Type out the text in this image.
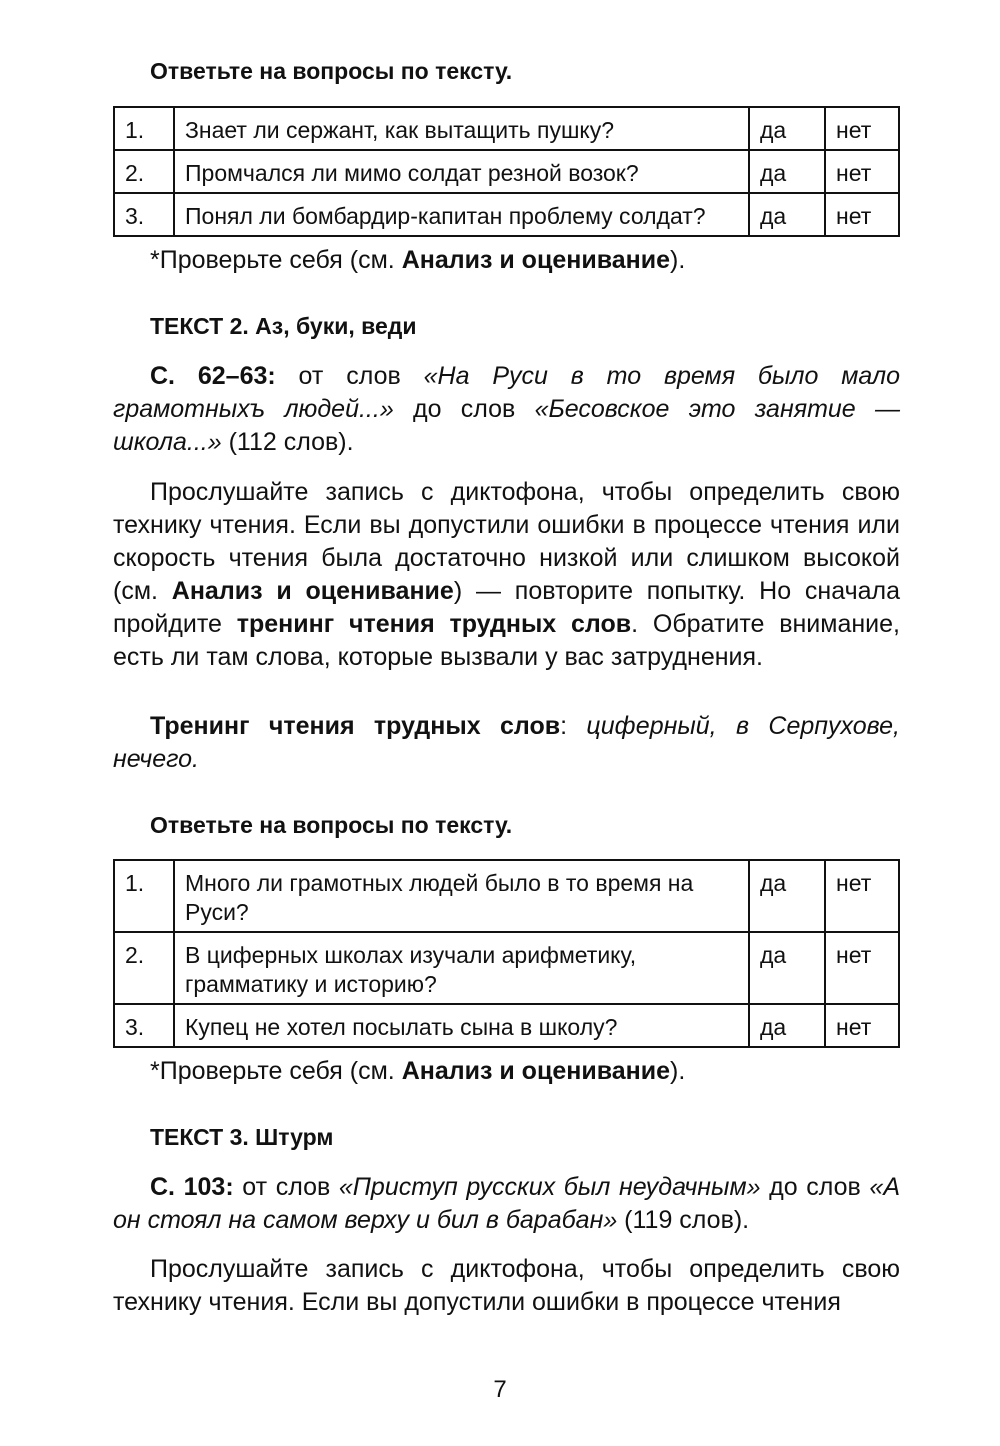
Ответьте на вопросы по тексту.

1.	Знает ли сержант, как вытащить пушку?	да	нет
2.	Промчался ли мимо солдат резной возок?	да	нет
3.	Понял ли бомбардир-капитан проблему солдат?	да	нет

*Проверьте себя (см. Анализ и оценивание).

ТЕКСТ 2. Аз, буки, веди

С. 62–63: от слов «На Руси в то время было мало грамотныхъ людей...» до слов «Бесовское это занятие — школа...» (112 слов).

Прослушайте запись с диктофона, чтобы определить свою технику чтения. Если вы допустили ошибки в процессе чтения или скорость чтения была достаточно низкой или слишком высокой (см. Анализ и оценивание) — повторите попытку. Но сначала пройдите тренинг чтения трудных слов. Обратите внимание, есть ли там слова, которые вызвали у вас затруднения.

Тренинг чтения трудных слов: циферный, в Серпухове, нечего.

Ответьте на вопросы по тексту.

1.	Много ли грамотных людей было в то время на Руси?	да	нет
2.	В циферных школах изучали арифметику, грамматику и историю?	да	нет
3.	Купец не хотел посылать сына в школу?	да	нет

*Проверьте себя (см. Анализ и оценивание).

ТЕКСТ 3. Штурм

С. 103: от слов «Приступ русских был неудачным» до слов «А он стоял на самом верху и бил в барабан» (119 слов).

Прослушайте запись с диктофона, чтобы определить свою технику чтения. Если вы допустили ошибки в процессе чтения

7
